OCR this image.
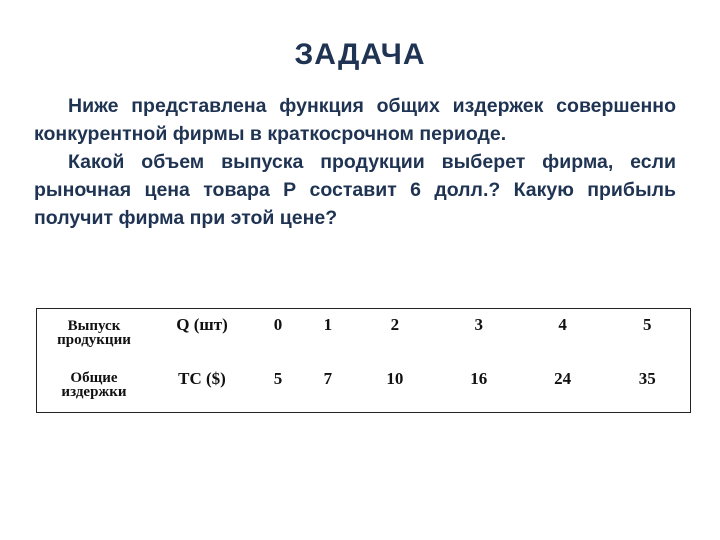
ЗАДАЧА

Ниже представлена функция общих издержек совершенно конкурентной фирмы в краткосрочном периоде.

Какой объем выпуска продукции выберет фирма, если рыночная цена товара Р составит 6 долл.? Какую прибыль получит фирма при этой цене?

Выпуск продукции	Q (шт)	0	1	2	3	4	5
Общие издержки	TC ($)	5	7	10	16	24	35
